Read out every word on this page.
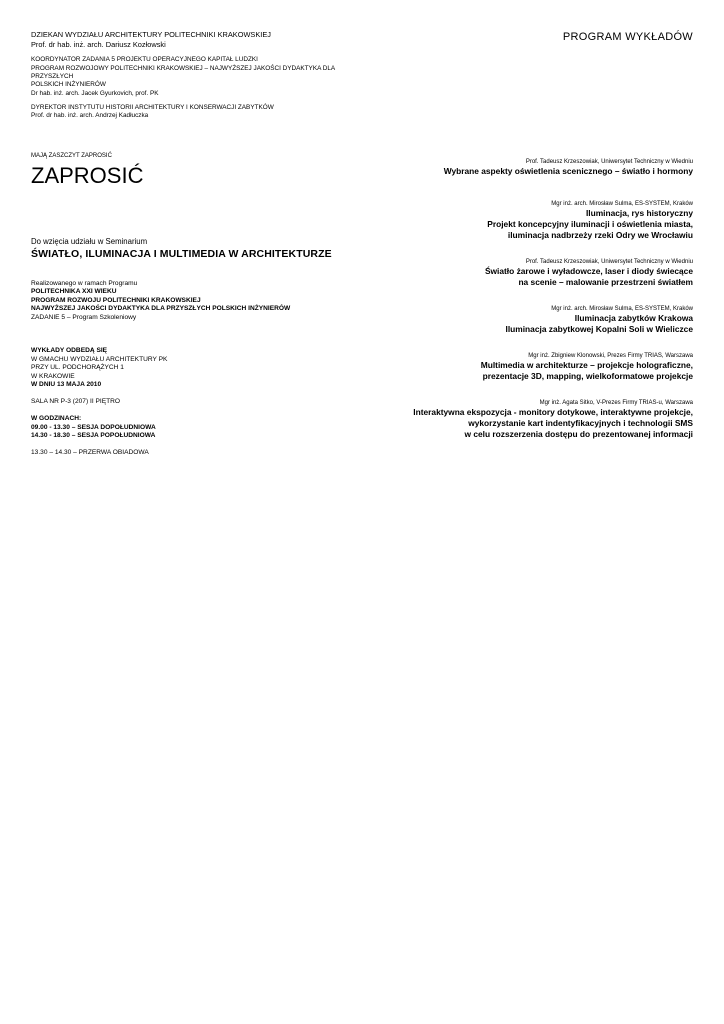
DZIEKAN WYDZIAŁU ARCHITEKTURY POLITECHNIKI KRAKOWSKIEJ

Prof. dr hab. inż. arch. Dariusz Kozłowski

KOORDYNATOR ZADANIA 5 PROJEKTU OPERACYJNEGO KAPITAŁ LUDZKI

PROGRAM ROZWOJOWY POLITECHNIKI KRAKOWSKIEJ – NAJWYŻSZEJ JAKOŚCI DYDAKTYKA DLA PRZYSZŁYCH

POLSKICH INŻYNIERÓW

Dr hab. inż. arch. Jacek Gyurkovich, prof. PK

DYREKTOR INSTYTUTU HISTORII ARCHITEKTURY I KONSERWACJI ZABYTKÓW

Prof. dr hab. inż. arch. Andrzej Kadłuczka

PROGRAM WYKŁADÓW
MAJĄ ZASZCZYT ZAPROSIĆ
ZAPROSIĆ
Do wzięcia udziału w Seminarium
ŚWIATŁO, ILUMINACJA I MULTIMEDIA W ARCHITEKTURZE

Realizowanego w ramach Programu

POLITECHNIKA XXI WIEKU

PROGRAM ROZWOJU POLITECHNIKI KRAKOWSKIEJ

NAJWYŻSZEJ JAKOŚCI DYDAKTYKA DLA PRZYSZŁYCH POLSKICH INŻYNIERÓW

ZADANIE 5 – Program Szkoleniowy

WYKŁADY ODBEDĄ SIĘ

W GMACHU WYDZIAŁU ARCHITEKTURY PK

PRZY UL. PODCHORĄŻYCH 1

W KRAKOWIE

W DNIU 13 MAJA 2010

SALA NR P-3 (207) II PIĘTRO

W GODZINACH:

09.00 - 13.30 – SESJA DOPOŁUDNIOWA

14.30 - 18.30 – SESJA POPOŁUDNIOWA

13.30 – 14.30 – PRZERWA OBIADOWA

Prof. Tadeusz Krzeszowiak, Uniwersytet Techniczny w Wiedniu
Wybrane aspekty oświetlenia scenicznego – światło i hormony
Mgr inż. arch. Mirosław Sulma, ES-SYSTEM, Kraków
Iluminacja, rys historyczny
Projekt koncepcyjny iluminacji i oświetlenia miasta,
iluminacja nadbrzeży rzeki Odry we Wrocławiu
Prof. Tadeusz Krzeszowiak, Uniwersytet Techniczny w Wiedniu
Światło żarowe i wyładowcze, laser i diody świecące
na scenie – malowanie przestrzeni światłem
Mgr inż. arch. Mirosław Sulma, ES-SYSTEM, Kraków
Iluminacja zabytków Krakowa
Iluminacja zabytkowej Kopalni Soli w Wieliczce
Mgr inż. Zbigniew Klonowski, Prezes Firmy TRIAS, Warszawa
Multimedia w architekturze – projekcje holograficzne,
prezentacje 3D, mapping, wielkoformatowe projekcje
Mgr inż. Agata Sitko, V-Prezes Firmy TRIAS-u, Warszawa
Interaktywna ekspozycja - monitory dotykowe, interaktywne projekcje,
wykorzystanie kart indentyfikacyjnych i technologii SMS
w celu rozszerzenia dostępu do prezentowanej informacji
